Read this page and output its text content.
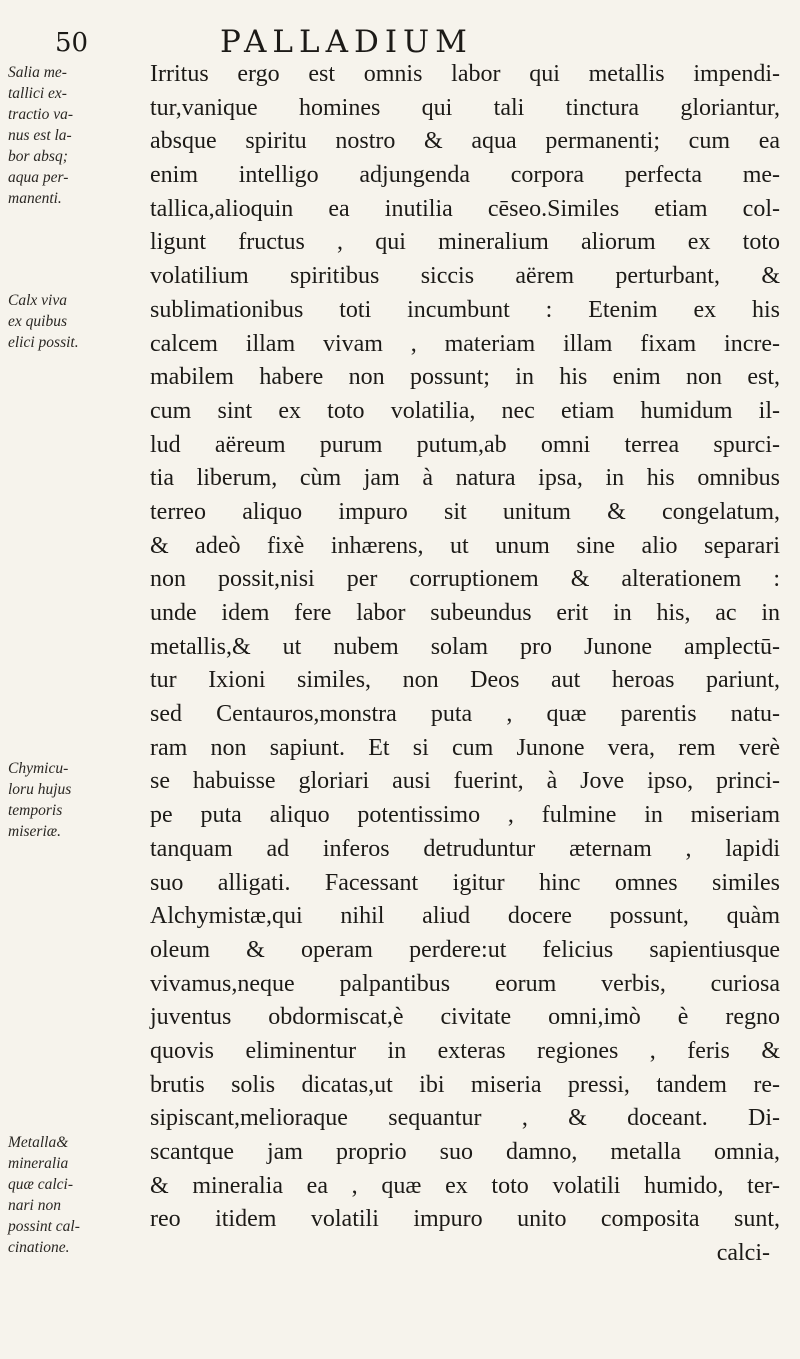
50	PALLADIUM
Salia me-
tallici ex-
tractio va-
nus est la-
bor absq;
aqua per-
manenti.
Calx viva
ex quibus
elici possit.
Chymicu-
loru hujus
temporis
miseriæ.
Metalla&
mineralia
quæ calci-
nari non
possint cal-
cinatione.
Irritus ergo est omnis labor qui metallis impendi-
tur,vanique homines qui tali tinctura gloriantur,
absque spiritu nostro & aqua permanenti; cum ea
enim intelligo adjungenda corpora perfecta me-
tallica,alioquin ea inutilia cēseo.Similes etiam col-
ligunt fructus , qui mineralium aliorum ex toto
volatilium spiritibus siccis aërem perturbant, &
sublimationibus toti incumbunt : Etenim ex his
calcem illam vivam , materiam illam fixam incre-
mabilem habere non possunt; in his enim non est,
cum sint ex toto volatilia, nec etiam humidum il-
lud aëreum purum putum,ab omni terrea spurci-
tia liberum, cùm jam à natura ipsa, in his omnibus
terreo aliquo impuro sit unitum & congelatum,
& adeò fixè inhærens, ut unum sine alio separari
non possit,nisi per corruptionem & alterationem :
unde idem fere labor subeundus erit in his, ac in
metallis,& ut nubem solam pro Junone amplectū-
tur Ixioni similes, non Deos aut heroas pariunt,
sed Centauros,monstra puta , quæ parentis natu-
ram non sapiunt. Et si cum Junone vera, rem verè
se habuisse gloriari ausi fuerint, à Jove ipso, princi-
pe puta aliquo potentissimo , fulmine in miseriam
tanquam ad inferos detruduntur æternam , lapidi
suo alligati. Facessant igitur hinc omnes similes
Alchymistæ,qui nihil aliud docere possunt, quàm
oleum & operam perdere:ut felicius sapientiusque
vivamus,neque palpantibus eorum verbis, curiosa
juventus obdormiscat,è civitate omni,imò è regno
quovis eliminentur in exteras regiones , feris &
brutis solis dicatas,ut ibi miseria pressi, tandem re-
sipiscant,melioraque sequantur , & doceant. Di-
scantque jam proprio suo damno, metalla omnia,
& mineralia ea , quæ ex toto volatili humido, ter-
reo itidem volatili impuro unito composita sunt,
calci-
